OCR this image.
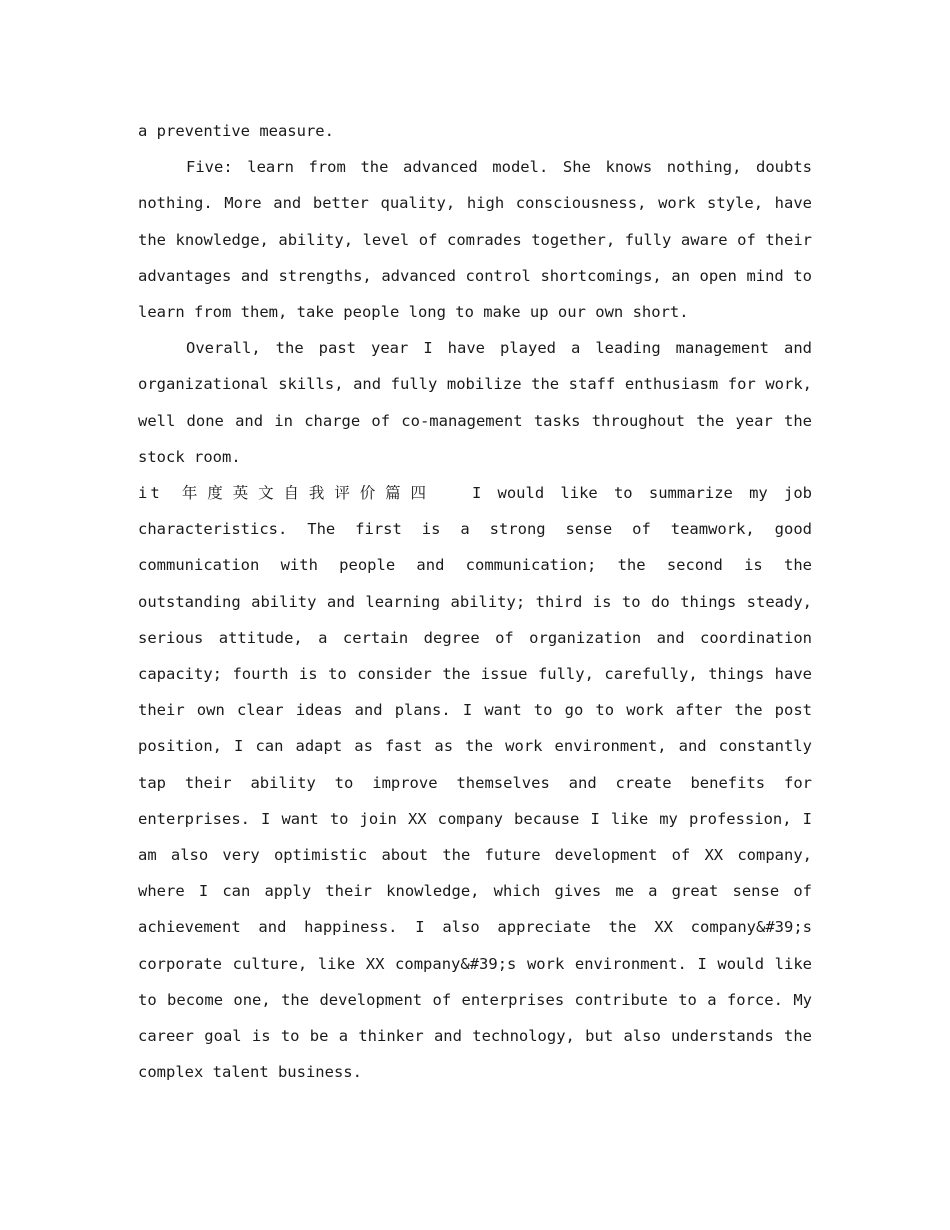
a preventive measure.

Five: learn from the advanced model. She knows nothing, doubts nothing. More and better quality, high consciousness, work style, have the knowledge, ability, level of comrades together, fully aware of their advantages and strengths, advanced control shortcomings, an open mind to learn from them, take people long to make up our own short.

Overall, the past year I have played a leading management and organizational skills, and fully mobilize the staff enthusiasm for work, well done and in charge of co-management tasks throughout the year the stock room.

it 年度英文自我评价篇四 I would like to summarize my job characteristics. The first is a strong sense of teamwork, good communication with people and communication; the second is the outstanding ability and learning ability; third is to do things steady, serious attitude, a certain degree of organization and coordination capacity; fourth is to consider the issue fully, carefully, things have their own clear ideas and plans. I want to go to work after the post position, I can adapt as fast as the work environment, and constantly tap their ability to improve themselves and create benefits for enterprises. I want to join XX company because I like my profession, I am also very optimistic about the future development of XX company, where I can apply their knowledge, which gives me a great sense of achievement and happiness. I also appreciate the XX company&#39;s corporate culture, like XX company&#39;s work environment. I would like to become one, the development of enterprises contribute to a force. My career goal is to be a thinker and technology, but also understands the complex talent business.
